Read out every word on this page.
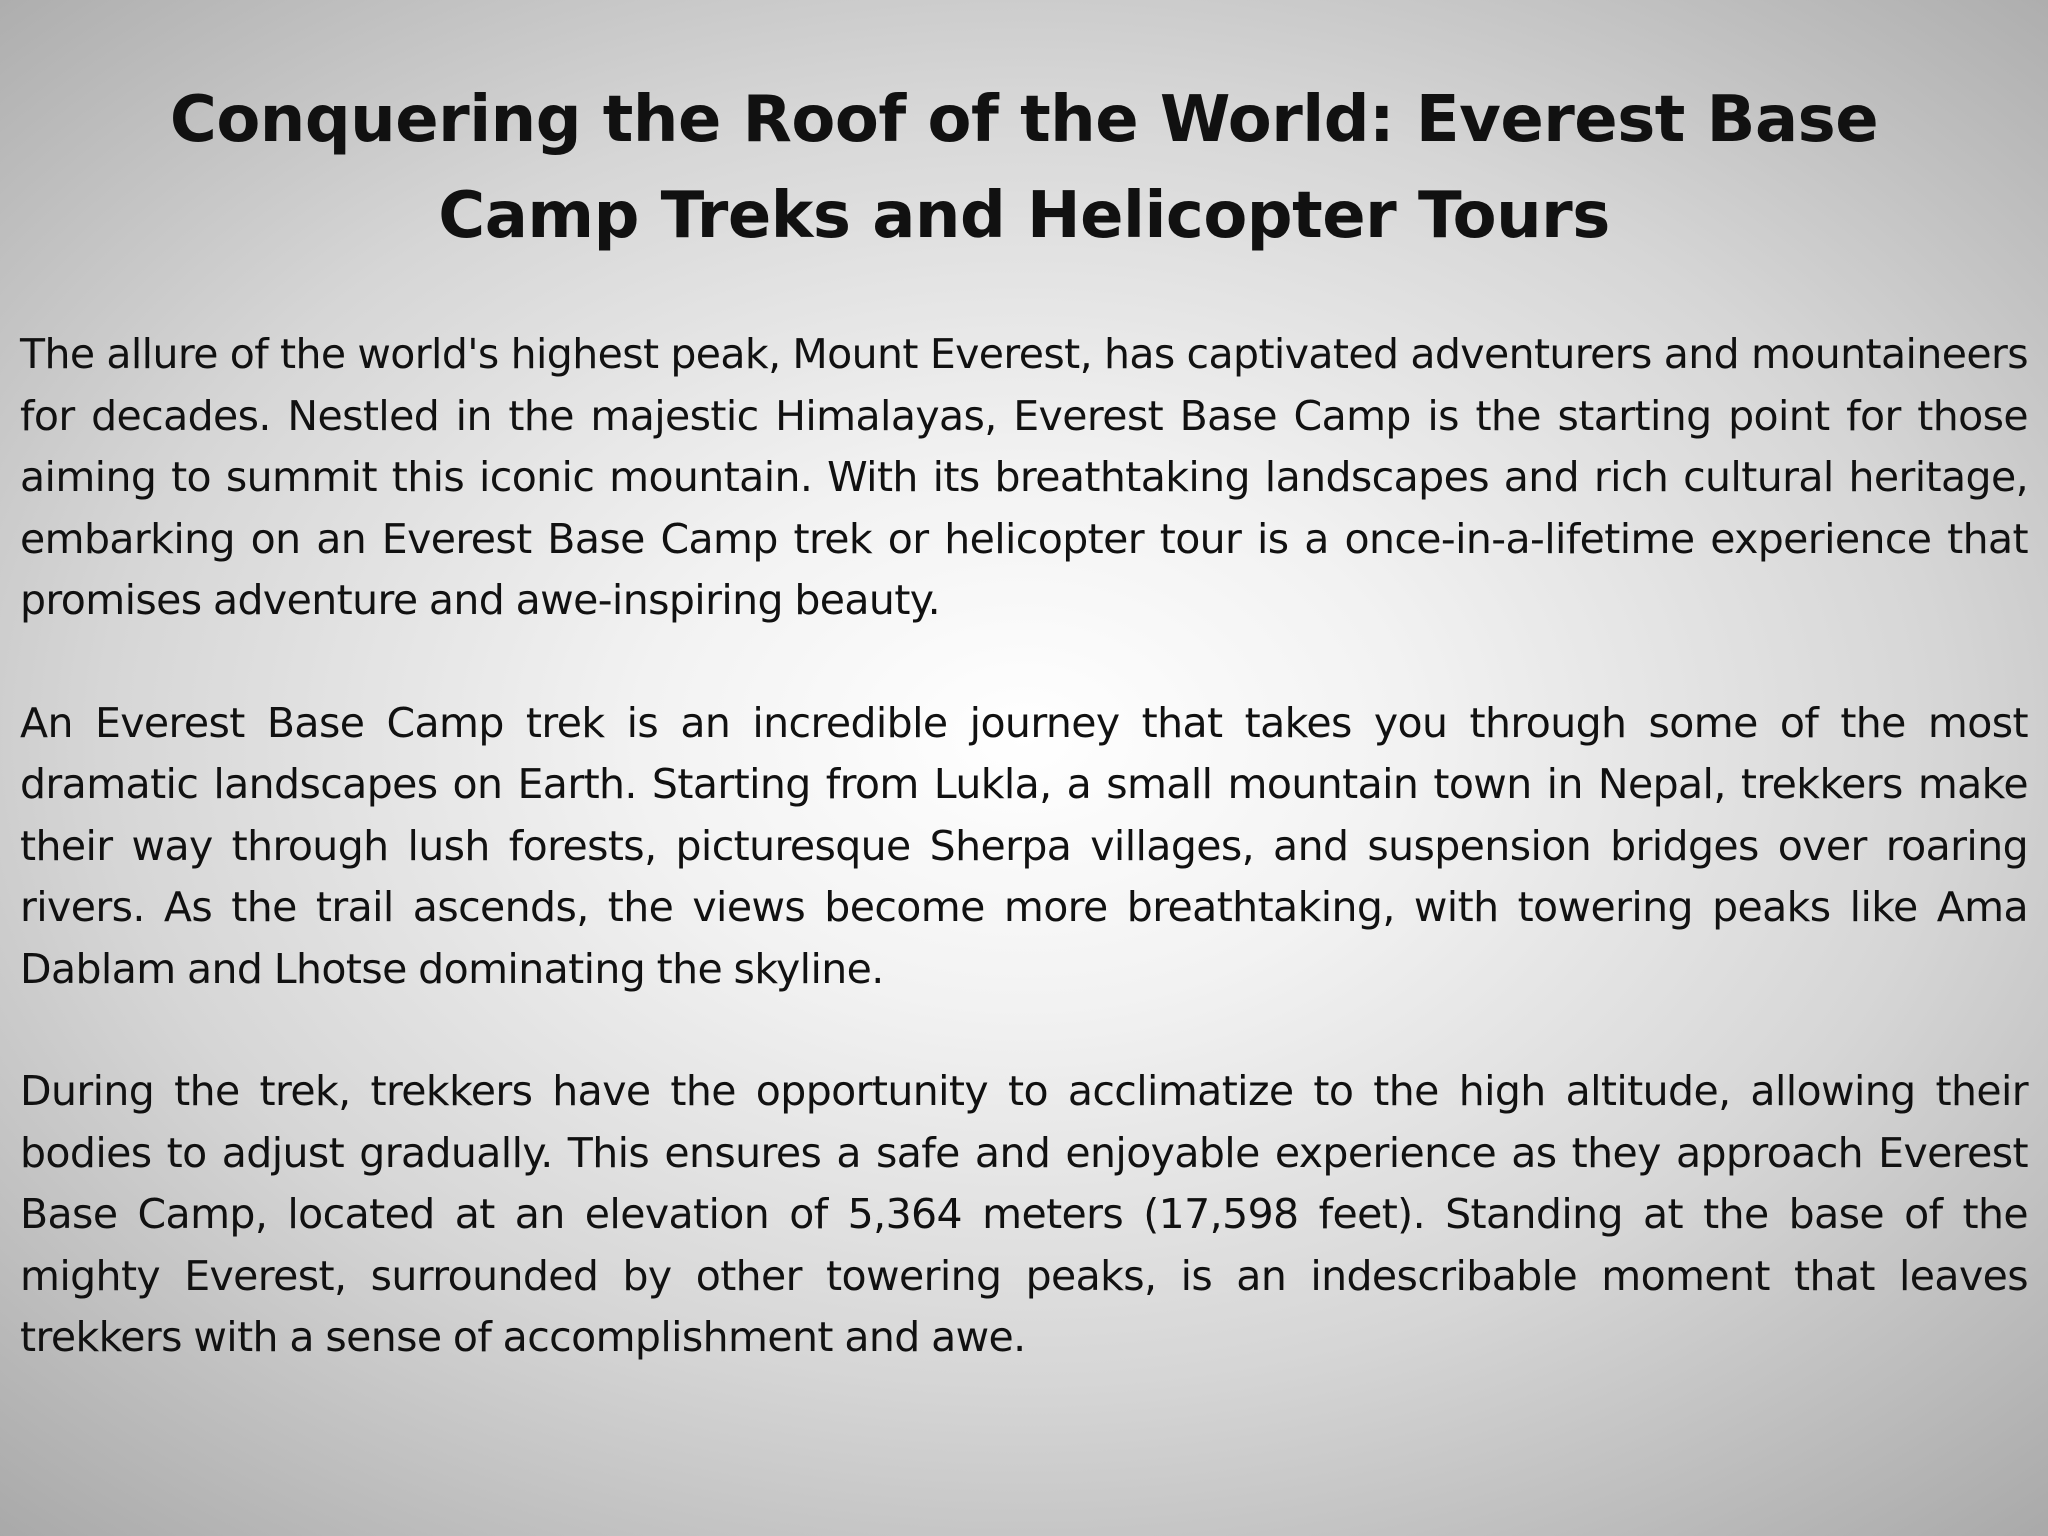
Conquering the Roof of the World: Everest Base Camp Treks and Helicopter Tours

The allure of the world's highest peak, Mount Everest, has captivated adventurers and mountaineers for decades. Nestled in the majestic Himalayas, Everest Base Camp is the starting point for those aiming to summit this iconic mountain. With its breathtaking landscapes and rich cultural heritage, embarking on an Everest Base Camp trek or helicopter tour is a once-in-a-lifetime experience that promises adventure and awe-inspiring beauty.

An Everest Base Camp trek is an incredible journey that takes you through some of the most dramatic landscapes on Earth. Starting from Lukla, a small mountain town in Nepal, trekkers make their way through lush forests, picturesque Sherpa villages, and suspension bridges over roaring rivers. As the trail ascends, the views become more breathtaking, with towering peaks like Ama Dablam and Lhotse dominating the skyline.

During the trek, trekkers have the opportunity to acclimatize to the high altitude, allowing their bodies to adjust gradually. This ensures a safe and enjoyable experience as they approach Everest Base Camp, located at an elevation of 5,364 meters (17,598 feet). Standing at the base of the mighty Everest, surrounded by other towering peaks, is an indescribable moment that leaves trekkers with a sense of accomplishment and awe.
